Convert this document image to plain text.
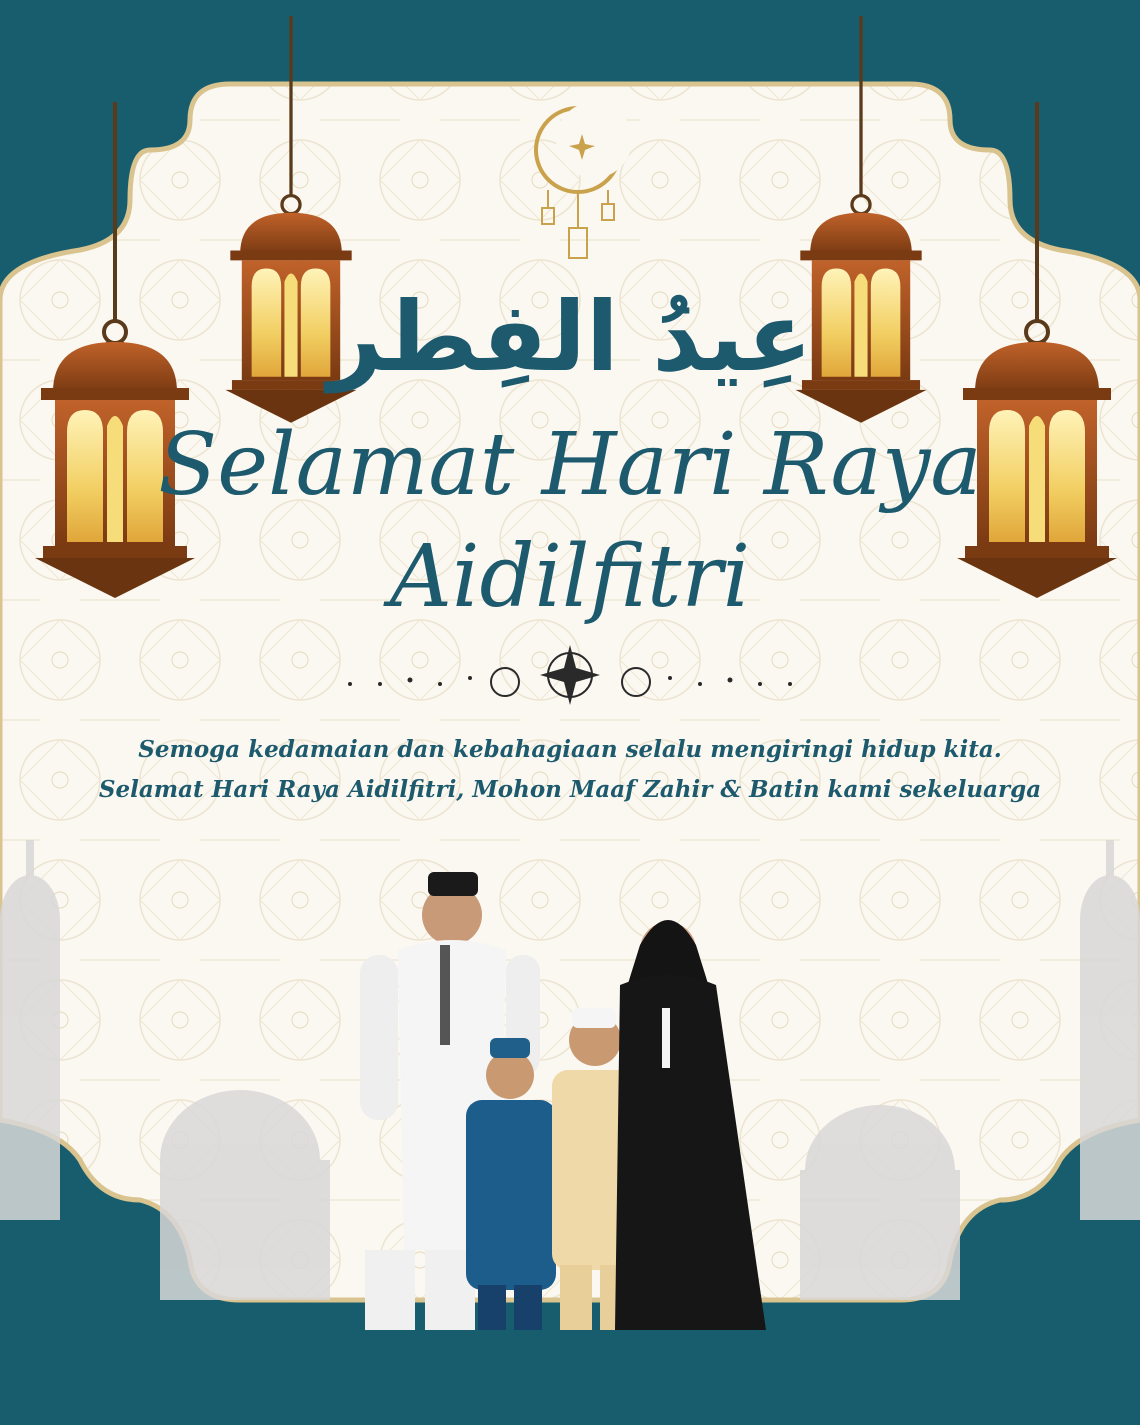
عِيدُ الفِطر
Selamat Hari Raya
Aidilfitri

Semoga kedamaian dan kebahagiaan selalu mengiringi hidup kita. Selamat Hari Raya Aidilfitri, Mohon Maaf Zahir & Batin kami sekeluarga
